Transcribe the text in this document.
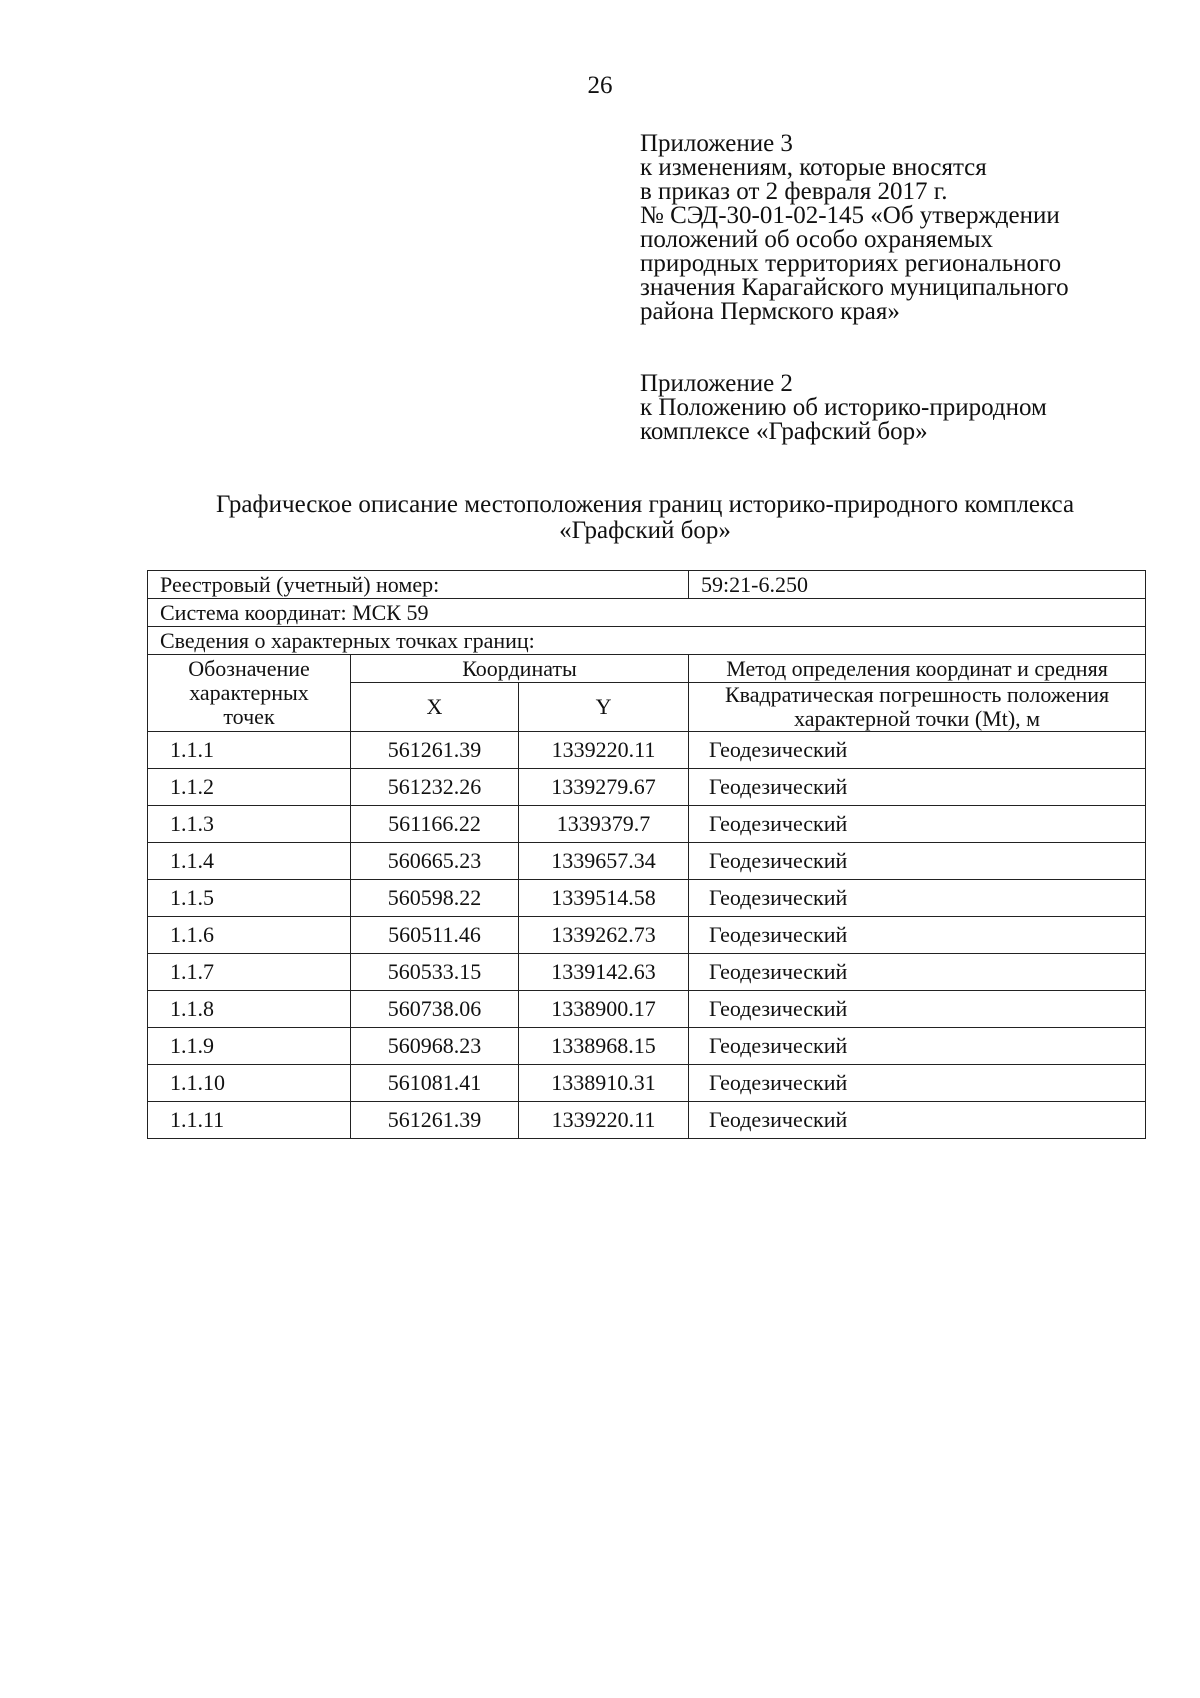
26
Приложение 3
к изменениям, которые вносятся
в приказ от 2 февраля 2017 г.
№ СЭД-30-01-02-145 «Об утверждении
положений об особо охраняемых
природных территориях регионального
значения Карагайского муниципального
района Пермского края»
Приложение 2
к Положению об историко-природном
комплексе «Графский бор»
Графическое описание местоположения границ историко-природного комплекса
«Графский бор»
Реестровый (учетный) номер:			59:21-6.250
Система координат: МСК 59			
Сведения о характерных точках границ:			

Обозначение
характерных
точек	Координаты		Метод определения координат и средняя
	X	Y	Квадратическая погрешность положения
характерной точки (Mt), м

1.1.1	561261.39	1339220.11	Геодезический
1.1.2	561232.26	1339279.67	Геодезический
1.1.3	561166.22	1339379.7	Геодезический
1.1.4	560665.23	1339657.34	Геодезический
1.1.5	560598.22	1339514.58	Геодезический
1.1.6	560511.46	1339262.73	Геодезический
1.1.7	560533.15	1339142.63	Геодезический
1.1.8	560738.06	1338900.17	Геодезический
1.1.9	560968.23	1338968.15	Геодезический
1.1.10	561081.41	1338910.31	Геодезический
1.1.11	561261.39	1339220.11	Геодезический
